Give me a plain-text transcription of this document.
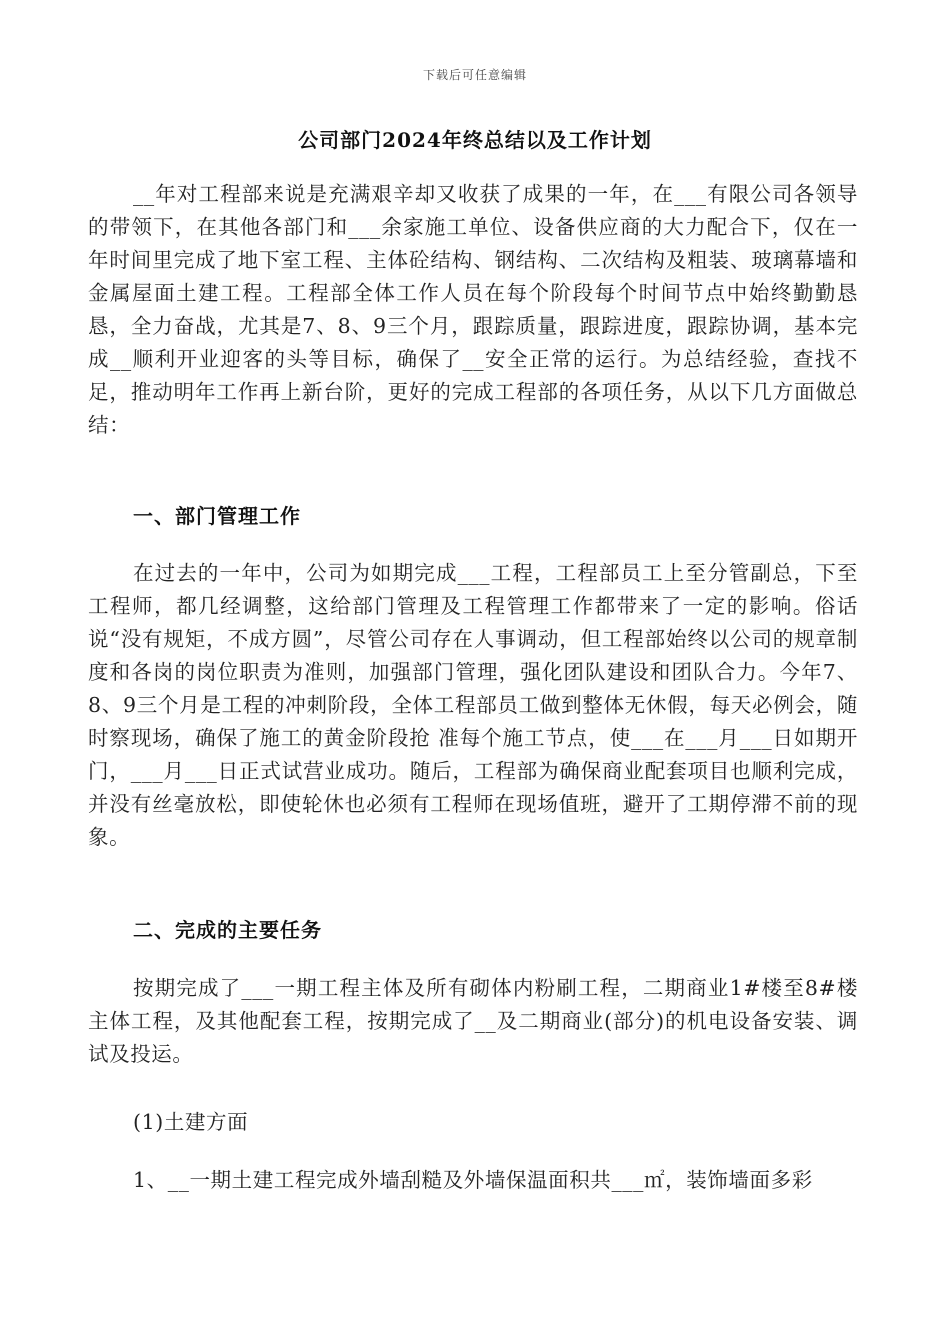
下载后可任意编辑
公司部门2024年终总结以及工作计划

__年对工程部来说是充满艰辛却又收获了成果的一年，在___有限公司各领导的带领下，在其他各部门和___余家施工单位、设备供应商的大力配合下，仅在一年时间里完成了地下室工程、主体砼结构、钢结构、二次结构及粗装、玻璃幕墙和金属屋面土建工程。工程部全体工作人员在每个阶段每个时间节点中始终勤勤恳恳，全力奋战，尤其是7、8、9三个月，跟踪质量，跟踪进度，跟踪协调，基本完成__顺利开业迎客的头等目标，确保了__安全正常的运行。为总结经验，查找不足，推动明年工作再上新台阶，更好的完成工程部的各项任务，从以下几方面做总结：

一、部门管理工作

在过去的一年中，公司为如期完成___工程，工程部员工上至分管副总，下至工程师，都几经调整，这给部门管理及工程管理工作都带来了一定的影响。俗话说“没有规矩，不成方圆”，尽管公司存在人事调动，但工程部始终以公司的规章制度和各岗的岗位职责为准则，加强部门管理，强化团队建设和团队合力。今年7、8、9三个月是工程的冲刺阶段，全体工程部员工做到整体无休假，每天必例会，随时察现场，确保了施工的黄金阶段抢 准每个施工节点，使___在___月___日如期开门，___月___日正式试营业成功。随后，工程部为确保商业配套项目也顺利完成，并没有丝毫放松，即使轮休也必须有工程师在现场值班，避开了工期停滞不前的现象。

二、完成的主要任务

按期完成了___一期工程主体及所有砌体内粉刷工程，二期商业1#楼至8#楼主体工程，及其他配套工程，按期完成了__及二期商业(部分)的机电设备安装、调试及投运。

(1)土建方面

1、__一期土建工程完成外墙刮糙及外墙保温面积共___㎡，装饰墙面多彩
